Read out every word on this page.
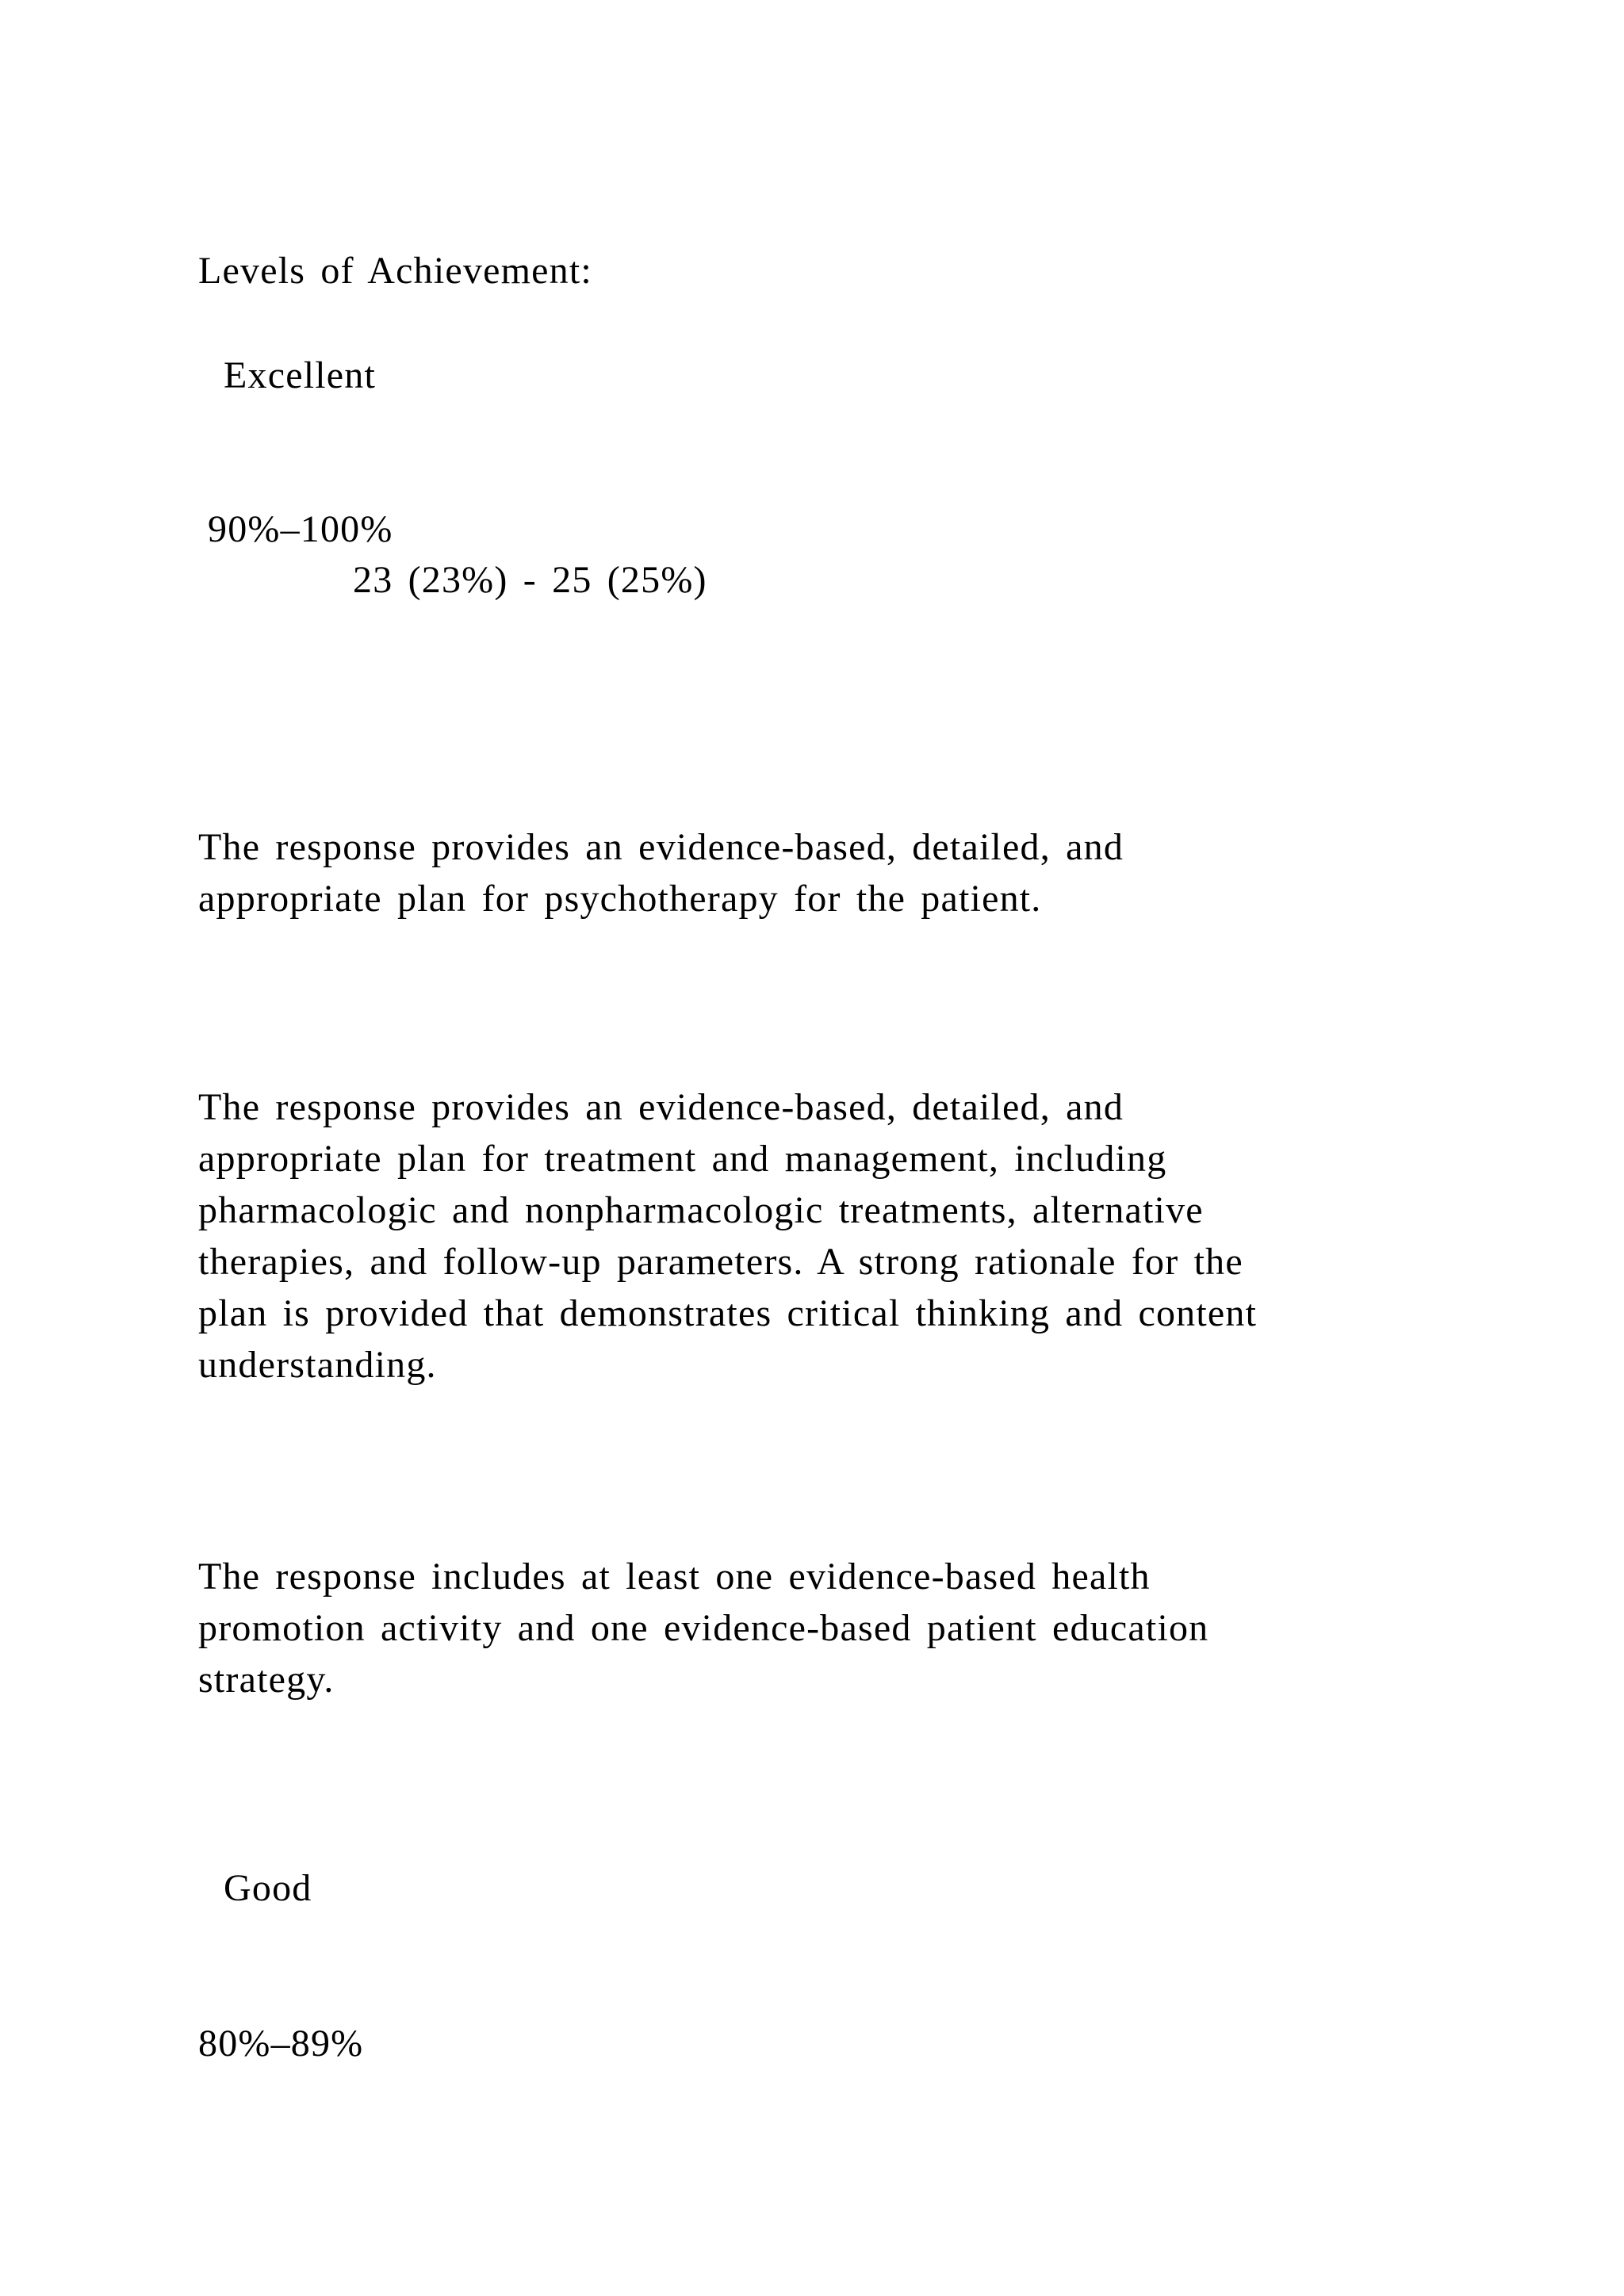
Levels of Achievement:

Excellent

90%–100%

23 (23%) - 25 (25%)

The response provides an evidence-based, detailed, and
appropriate plan for psychotherapy for the patient.
The response provides an evidence-based, detailed, and
appropriate plan for treatment and management, including
pharmacologic and nonpharmacologic treatments, alternative
therapies, and follow-up parameters. A strong rationale for the
plan is provided that demonstrates critical thinking and content
understanding.
The response includes at least one evidence-based health
promotion activity and one evidence-based patient education
strategy.

Good

80%–89%
